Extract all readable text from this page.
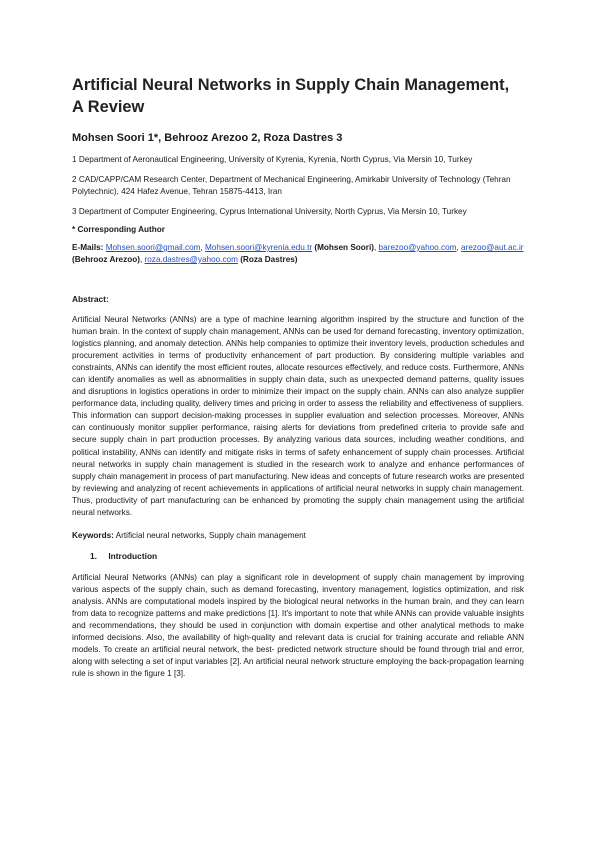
Artificial Neural Networks in Supply Chain Management, A Review
Mohsen Soori 1*, Behrooz Arezoo 2, Roza Dastres 3
1 Department of Aeronautical Engineering, University of Kyrenia, Kyrenia, North Cyprus, Via Mersin 10, Turkey
2 CAD/CAPP/CAM Research Center, Department of Mechanical Engineering, Amirkabir University of Technology (Tehran Polytechnic), 424 Hafez Avenue, Tehran 15875-4413, Iran
3 Department of Computer Engineering, Cyprus International University, North Cyprus, Via Mersin 10, Turkey
* Corresponding Author
E-Mails: Mohsen.soori@gmail.com, Mohsen.soori@kyrenia.edu.tr (Mohsen Soori), barezoo@yahoo.com, arezoo@aut.ac.ir (Behrooz Arezoo), roza.dastres@yahoo.com (Roza Dastres)
Abstract:
Artificial Neural Networks (ANNs) are a type of machine learning algorithm inspired by the structure and function of the human brain. In the context of supply chain management, ANNs can be used for demand forecasting, inventory optimization, logistics planning, and anomaly detection. ANNs help companies to optimize their inventory levels, production schedules and procurement activities in terms of productivity enhancement of part production. By considering multiple variables and constraints, ANNs can identify the most efficient routes, allocate resources effectively, and reduce costs. Furthermore, ANNs can identify anomalies as well as abnormalities in supply chain data, such as unexpected demand patterns, quality issues and disruptions in logistics operations in order to minimize their impact on the supply chain. ANNs can also analyze supplier performance data, including quality, delivery times and pricing in order to assess the reliability and effectiveness of suppliers. This information can support decision-making processes in supplier evaluation and selection processes. Moreover, ANNs can continuously monitor supplier performance, raising alerts for deviations from predefined criteria to provide safe and secure supply chain in part production processes. By analyzing various data sources, including weather conditions, and political instability, ANNs can identify and mitigate risks in terms of safety enhancement of supply chain processes. Artificial neural networks in supply chain management is studied in the research work to analyze and enhance performances of supply chain management in process of part manufacturing. New ideas and concepts of future research works are presented by reviewing and analyzing of recent achievements in applications of artificial neural networks in supply chain management. Thus, productivity of part manufacturing can be enhanced by promoting the supply chain management using the artificial neural networks.
Keywords: Artificial neural networks, Supply chain management
1. Introduction
Artificial Neural Networks (ANNs) can play a significant role in development of supply chain management by improving various aspects of the supply chain, such as demand forecasting, inventory management, logistics optimization, and risk analysis. ANNs are computational models inspired by the biological neural networks in the human brain, and they can learn from data to recognize patterns and make predictions [1]. It's important to note that while ANNs can provide valuable insights and recommendations, they should be used in conjunction with domain expertise and other analytical methods to make informed decisions. Also, the availability of high-quality and relevant data is crucial for training accurate and reliable ANN models. To create an artificial neural network, the best- predicted network structure should be found through trial and error, along with selecting a set of input variables [2]. An artificial neural network structure employing the back-propagation learning rule is shown in the figure 1 [3].
